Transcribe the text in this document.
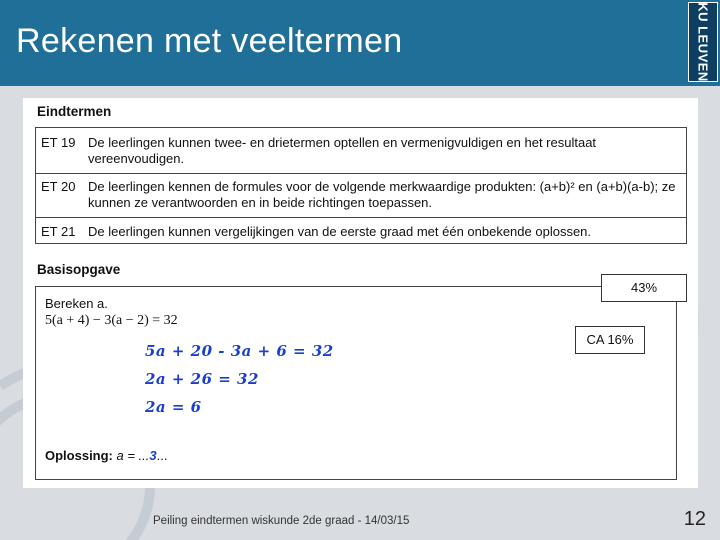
Rekenen met veeltermen	KU LEUVEN
Eindtermen
ET 19 De leerlingen kunnen twee- en drietermen optellen en vermenigvuldigen en het resultaat vereenvoudigen.
ET 20 De leerlingen kennen de formules voor de volgende merkwaardige produkten: (a+b)² en (a+b)(a-b); ze kunnen ze verantwoorden en in beide richtingen toepassen.
ET 21 De leerlingen kunnen vergelijkingen van de eerste graad met één onbekende oplossen.
Basisopgave
43%
CA 16%
Bereken a.
5(a + 4) − 3(a − 2) = 32
5a + 20 - 3a + 6 = 32
2a + 26 = 32
2a = 6
Oplossing: a = ...3...
Peiling eindtermen wiskunde 2de graad - 14/03/15	12
